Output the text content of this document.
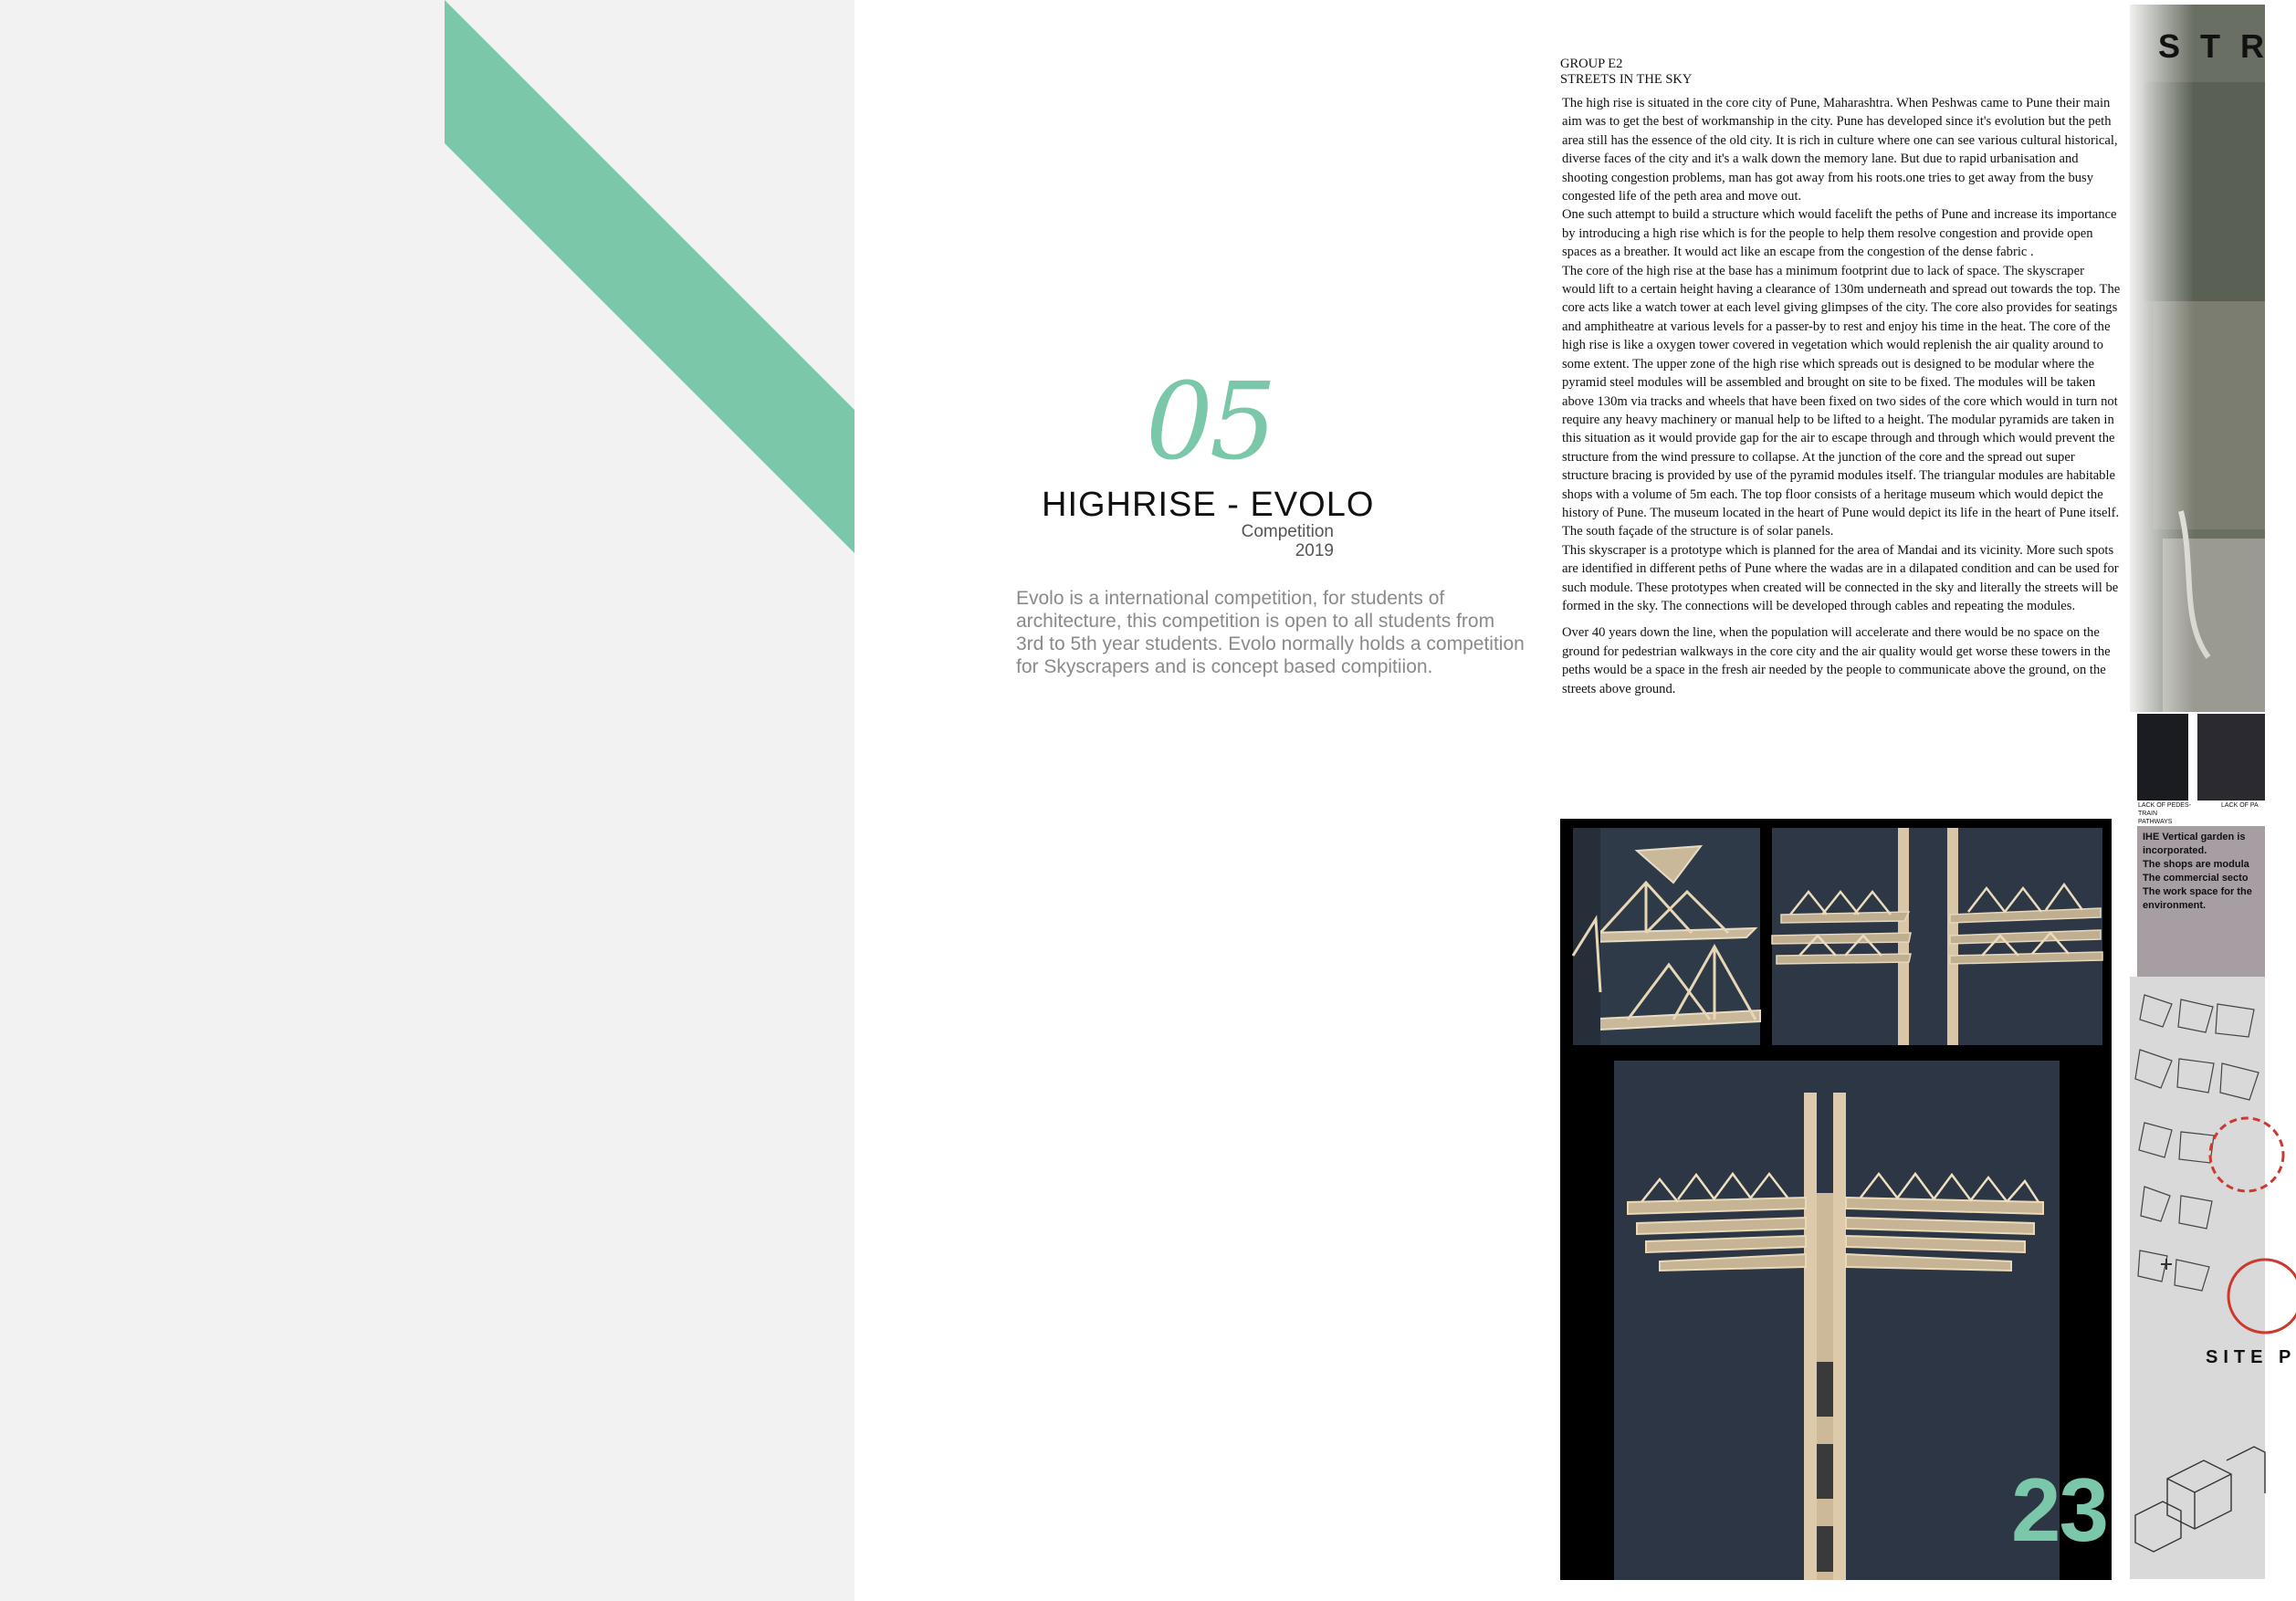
05
HIGHRISE - EVOLO
Competition
2019
Evolo is a international competition, for students of architecture, this competition is open to all students from 3rd to 5th year students. Evolo normally holds a competition for Skyscrapers and is concept based compitiion.
GROUP E2
STREETS IN THE SKY

The high rise is situated in the core city of Pune, Maharashtra. When Peshwas came to Pune their main aim was to get the best of workmanship in the city. Pune has developed since it's evolution but the peth area still has the essence of the old city. It is rich in culture where one can see various cultural historical, diverse faces of the city and it's a walk down the memory lane. But due to rapid urbanisation and shooting congestion problems, man has got away from his roots.one tries to get away from the busy congested life of the peth area and move out.

One such attempt to build a structure which would facelift the peths of Pune and increase its importance by introducing a high rise which is for the people to help them resolve congestion and provide open spaces as a breather. It would act like an escape from the congestion of the dense fabric .

The core of the high rise at the base has a minimum footprint due to lack of space. The skyscraper would lift to a certain height having a clearance of 130m underneath and spread out towards the top. The core acts like a watch tower at each level giving glimpses of the city. The core also provides for seatings and amphitheatre at various levels for a passer-by to rest and enjoy his time in the heat. The core of the high rise is like a oxygen tower covered in vegetation which would replenish the air quality around to some extent. The upper zone of the high rise which spreads out is designed to be modular where the pyramid steel modules will be assembled and brought on site to be fixed. The modules will be taken above 130m via tracks and wheels that have been fixed on two sides of the core which would in turn not require any heavy machinery or manual help to be lifted to a height. The modular pyramids are taken in this situation as it would provide gap for the air to escape through and through which would prevent the structure from the wind pressure to collapse. At the junction of the core and the spread out super structure bracing is provided by use of the pyramid modules itself. The triangular modules are habitable shops with a volume of 5m each. The top floor consists of a heritage museum which would depict the history of Pune. The museum located in the heart of Pune would depict its life in the heart of Pune itself. The south façade of the structure is of solar panels.

This skyscraper is a prototype which is planned for the area of Mandai and its vicinity. More such spots are identified in different peths of Pune where the wadas are in a dilapated condition and can be used for such module. These prototypes when created will be connected in the sky and literally the streets will be formed in the sky. The connections will be developed through cables and repeating the modules.

Over 40 years down the line, when the population will accelerate and there would be no space on the ground for pedestrian walkways in the core city and the air quality would get worse these towers in the peths would be a space in the fresh air needed by the people to communicate above the ground, on the streets above ground.

23
S T R
SITE P
LACK OF PEDES-
TRAIN PATHWAYS
LACK OF PA
IHE Vertical garden is
incorporated.
The shops are modula
The commercial secto
The work space for the
environment.
